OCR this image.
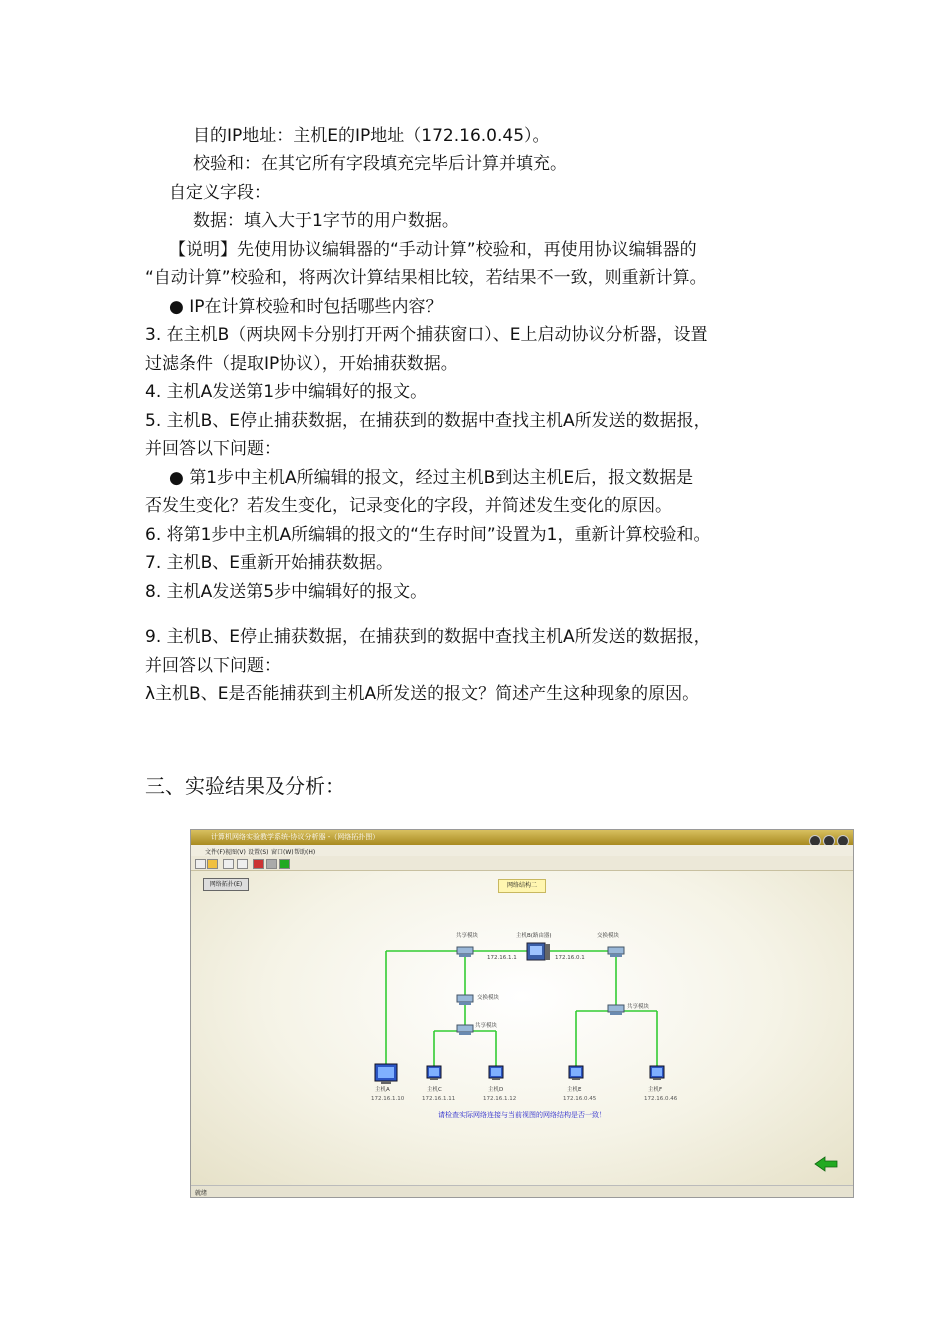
目的IP地址：主机E的IP地址（172.16.0.45）。
校验和：在其它所有字段填充完毕后计算并填充。
自定义字段：
数据：填入大于1字节的用户数据。
【说明】先使用协议编辑器的“手动计算”校验和，再使用协议编辑器的
“自动计算”校验和，将两次计算结果相比较，若结果不一致，则重新计算。
● IP在计算校验和时包括哪些内容？
3. 在主机B（两块网卡分别打开两个捕获窗口）、E上启动协议分析器，设置
过滤条件（提取IP协议），开始捕获数据。
4. 主机A发送第1步中编辑好的报文。
5. 主机B、E停止捕获数据，在捕获到的数据中查找主机A所发送的数据报，
并回答以下问题：
● 第1步中主机A所编辑的报文，经过主机B到达主机E后，报文数据是
否发生变化？若发生变化，记录变化的字段，并简述发生变化的原因。
6. 将第1步中主机A所编辑的报文的“生存时间”设置为1，重新计算校验和。
7. 主机B、E重新开始捕获数据。
8. 主机A发送第5步中编辑好的报文。
9. 主机B、E停止捕获数据，在捕获到的数据中查找主机A所发送的数据报，
并回答以下问题：
λ主机B、E是否能捕获到主机A所发送的报文？简述产生这种现象的原因。
三、实验结果及分析：
计算机网络实验教学系统-协议分析器 -（网络拓扑图）
文件(F) 视图(V) 设置(S) 窗口(W) 帮助(H)
网络拓扑(E)	网络结构二
共享模块	主机B(路由器)	交换模块
交换模块
共享模块
共享模块
172.16.1.1	172.16.0.1
主机A	主机C	主机D	主机E	主机F
172.16.1.10	172.16.1.11	172.16.1.12	172.16.0.45	172.16.0.46
请检查实际网络连接与当前视图的网络结构是否一致！
就绪
